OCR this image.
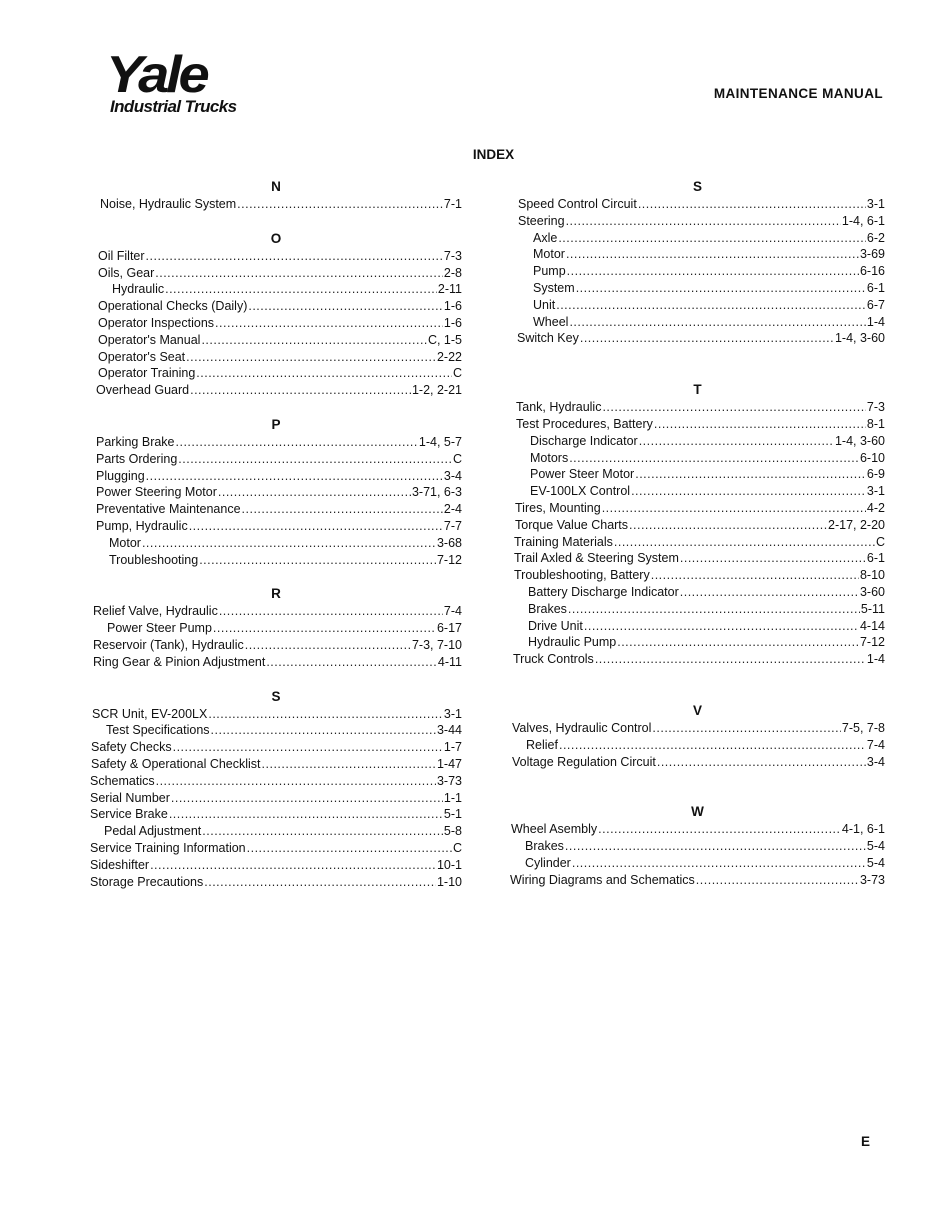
Yale
Industrial Trucks
MAINTENANCE MANUAL
INDEX
N
Noise, Hydraulic System .....	7-1
O
Oil Filter .....	7-3
Oils, Gear .....	2-8
Hydraulic .....	2-11
Operational Checks (Daily) .....	1-6
Operator Inspections .....	1-6
Operator's Manual .....	C, 1-5
Operator's Seat .....	2-22
Operator Training .....	C
Overhead Guard .....	1-2, 2-21
P
Parking Brake .....	1-4, 5-7
Parts Ordering .....	C
Plugging .....	3-4
Power Steering Motor .....	3-71, 6-3
Preventative Maintenance .....	2-4
Pump, Hydraulic .....	7-7
Motor .....	3-68
Troubleshooting .....	7-12
R
Relief Valve, Hydraulic .....	7-4
Power Steer Pump .....	6-17
Reservoir (Tank), Hydraulic .....	7-3, 7-10
Ring Gear & Pinion Adjustment .....	4-11
S
SCR Unit, EV-200LX .....	3-1
Test Specifications .....	3-44
Safety Checks .....	1-7
Safety & Operational Checklist .....	1-47
Schematics .....	3-73
Serial Number .....	1-1
Service Brake .....	5-1
Pedal Adjustment .....	5-8
Service Training Information .....	C
Sideshifter .....	10-1
Storage Precautions .....	1-10
S
Speed Control Circuit .....	3-1
Steering .....	1-4, 6-1
Axle .....	6-2
Motor .....	3-69
Pump .....	6-16
System .....	6-1
Unit .....	6-7
Wheel .....	1-4
Switch Key .....	1-4, 3-60
T
Tank, Hydraulic .....	7-3
Test Procedures, Battery .....	8-1
Discharge Indicator .....	1-4, 3-60
Motors .....	6-10
Power Steer Motor .....	6-9
EV-100LX Control .....	3-1
Tires, Mounting .....	4-2
Torque Value Charts .....	2-17, 2-20
Training Materials .....	C
Trail Axled & Steering System .....	6-1
Troubleshooting, Battery .....	8-10
Battery Discharge Indicator .....	3-60
Brakes .....	5-11
Drive Unit .....	4-14
Hydraulic Pump .....	7-12
Truck Controls .....	1-4
V
Valves, Hydraulic Control .....	7-5, 7-8
Relief .....	7-4
Voltage Regulation Circuit .....	3-4
W
Wheel Asembly .....	4-1, 6-1
Brakes .....	5-4
Cylinder .....	5-4
Wiring Diagrams and Schematics .....	3-73
E
